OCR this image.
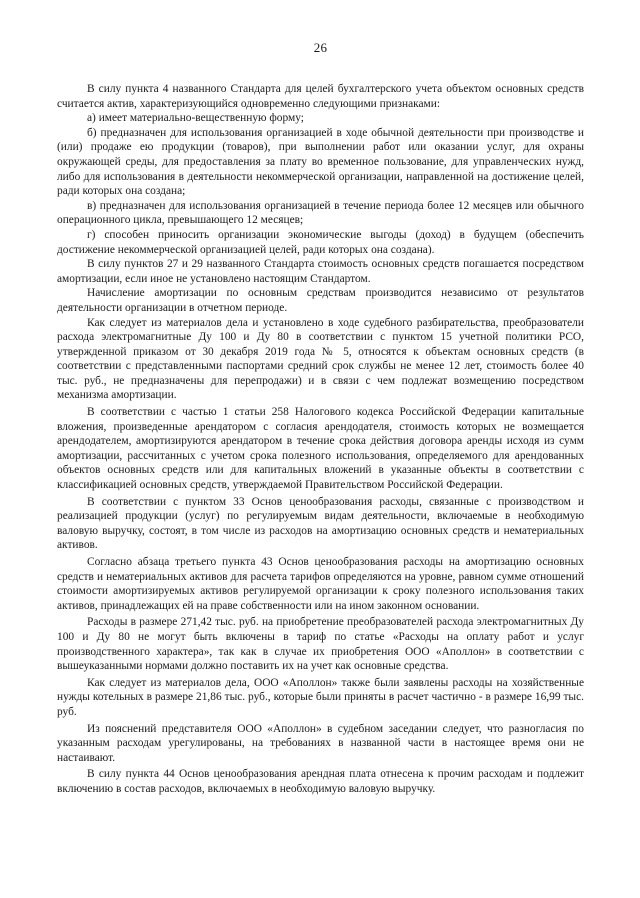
26

В силу пункта 4 названного Стандарта для целей бухгалтерского учета объектом основных средств считается актив, характеризующийся одновременно следующими признаками:

а) имеет материально-вещественную форму;

б) предназначен для использования организацией в ходе обычной деятельности при производстве и (или) продаже ею продукции (товаров), при выполнении работ или оказании услуг, для охраны окружающей среды, для предоставления за плату во временное пользование, для управленческих нужд, либо для использования в деятельности некоммерческой организации, направленной на достижение целей, ради которых она создана;

в) предназначен для использования организацией в течение периода более 12 месяцев или обычного операционного цикла, превышающего 12 месяцев;

г) способен приносить организации экономические выгоды (доход) в будущем (обеспечить достижение некоммерческой организацией целей, ради которых она создана).

В силу пунктов 27 и 29 названного Стандарта стоимость основных средств погашается посредством амортизации, если иное не установлено настоящим Стандартом.

Начисление амортизации по основным средствам производится независимо от результатов деятельности организации в отчетном периоде.

Как следует из материалов дела и установлено в ходе судебного разбирательства, преобразователи расхода электромагнитные Ду 100 и Ду 80 в соответствии с пунктом 15 учетной политики РСО, утвержденной приказом от 30 декабря 2019 года № 5, относятся к объектам основных средств (в соответствии с представленными паспортами средний срок службы не менее 12 лет, стоимость более 40 тыс. руб., не предназначены для перепродажи) и в связи с чем подлежат возмещению посредством механизма амортизации.

В соответствии с частью 1 статьи 258 Налогового кодекса Российской Федерации капитальные вложения, произведенные арендатором с согласия арендодателя, стоимость которых не возмещается арендодателем, амортизируются арендатором в течение срока действия договора аренды исходя из сумм амортизации, рассчитанных с учетом срока полезного использования, определяемого для арендованных объектов основных средств или для капитальных вложений в указанные объекты в соответствии с классификацией основных средств, утверждаемой Правительством Российской Федерации.

В соответствии с пунктом 33 Основ ценообразования расходы, связанные с производством и реализацией продукции (услуг) по регулируемым видам деятельности, включаемые в необходимую валовую выручку, состоят, в том числе из расходов на амортизацию основных средств и нематериальных активов.

Согласно абзаца третьего пункта 43 Основ ценообразования расходы на амортизацию основных средств и нематериальных активов для расчета тарифов определяются на уровне, равном сумме отношений стоимости амортизируемых активов регулируемой организации к сроку полезного использования таких активов, принадлежащих ей на праве собственности или на ином законном основании.

Расходы в размере 271,42 тыс. руб. на приобретение преобразователей расхода электромагнитных Ду 100 и Ду 80 не могут быть включены в тариф по статье «Расходы на оплату работ и услуг производственного характера», так как в случае их приобретения ООО «Аполлон» в соответствии с вышеуказанными нормами должно поставить их на учет как основные средства.

Как следует из материалов дела, ООО «Аполлон» также были заявлены расходы на хозяйственные нужды котельных в размере 21,86 тыс. руб., которые были приняты в расчет частично - в размере 16,99 тыс. руб.

Из пояснений представителя ООО «Аполлон» в судебном заседании следует, что разногласия по указанным расходам урегулированы, на требованиях в названной части в настоящее время они не настаивают.

В силу пункта 44 Основ ценообразования арендная плата отнесена к прочим расходам и подлежит включению в состав расходов, включаемых в необходимую валовую выручку.
